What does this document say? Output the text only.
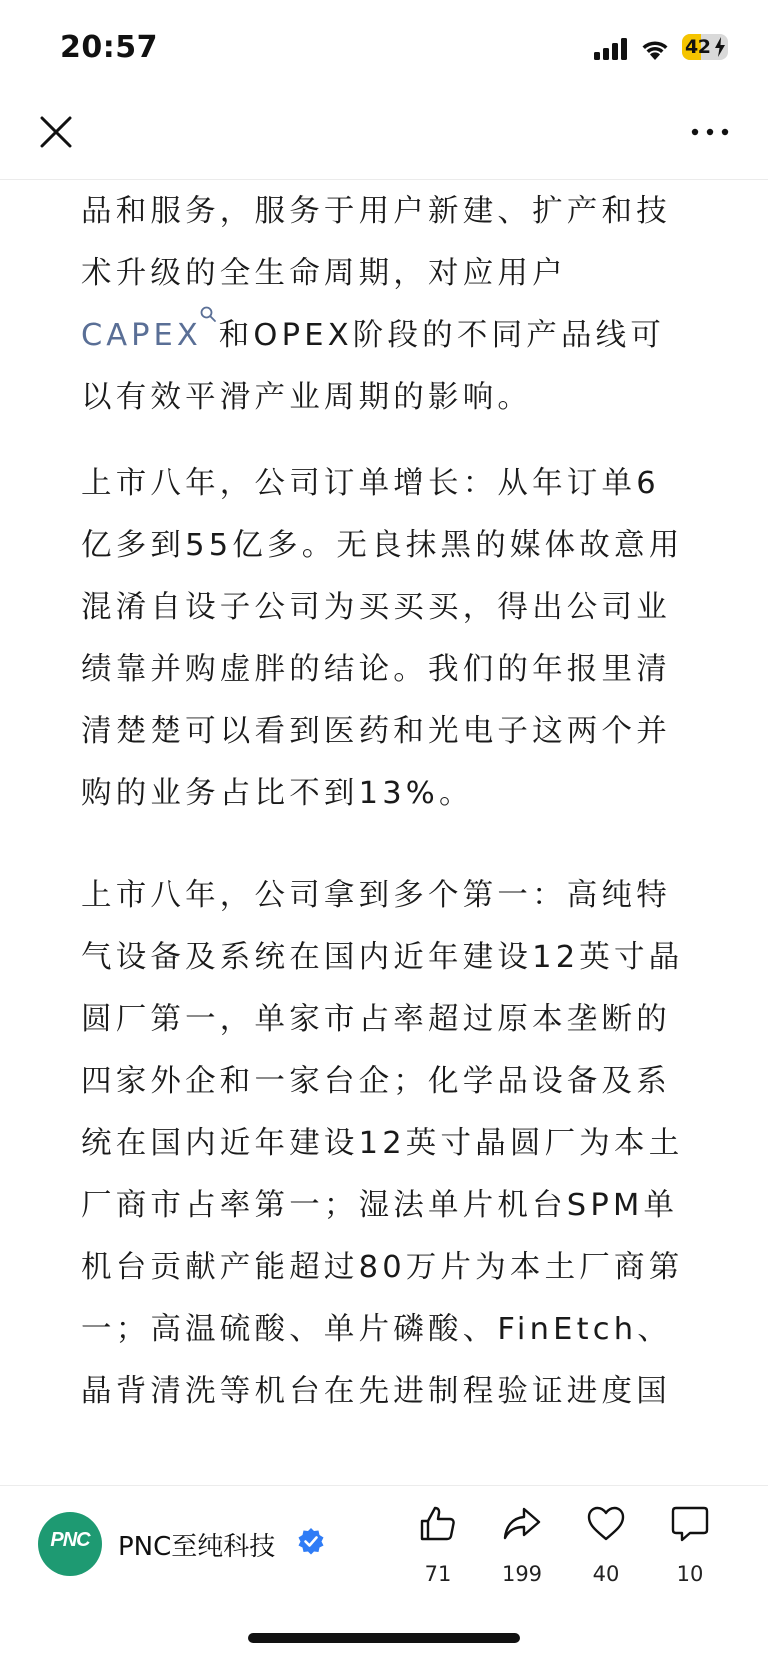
20:57	42
品和服务，服务于用户新建、扩产和技
术升级的全生命周期，对应用户
CAPEX 和OPEX阶段的不同产品线可
以有效平滑产业周期的影响。
上市八年，公司订单增长：从年订单6
亿多到55亿多。无良抹黑的媒体故意用
混淆自设子公司为买买买，得出公司业
绩靠并购虚胖的结论。我们的年报里清
清楚楚可以看到医药和光电子这两个并
购的业务占比不到13%。
上市八年，公司拿到多个第一：高纯特
气设备及系统在国内近年建设12英寸晶
圆厂第一，单家市占率超过原本垄断的
四家外企和一家台企；化学品设备及系
统在国内近年建设12英寸晶圆厂为本土
厂商市占率第一；湿法单片机台SPM单
机台贡献产能超过80万片为本土厂商第
一；高温硫酸、单片磷酸、FinEtch、
晶背清洗等机台在先进制程验证进度国
PNC	PNC至纯科技
71	199	40	10
